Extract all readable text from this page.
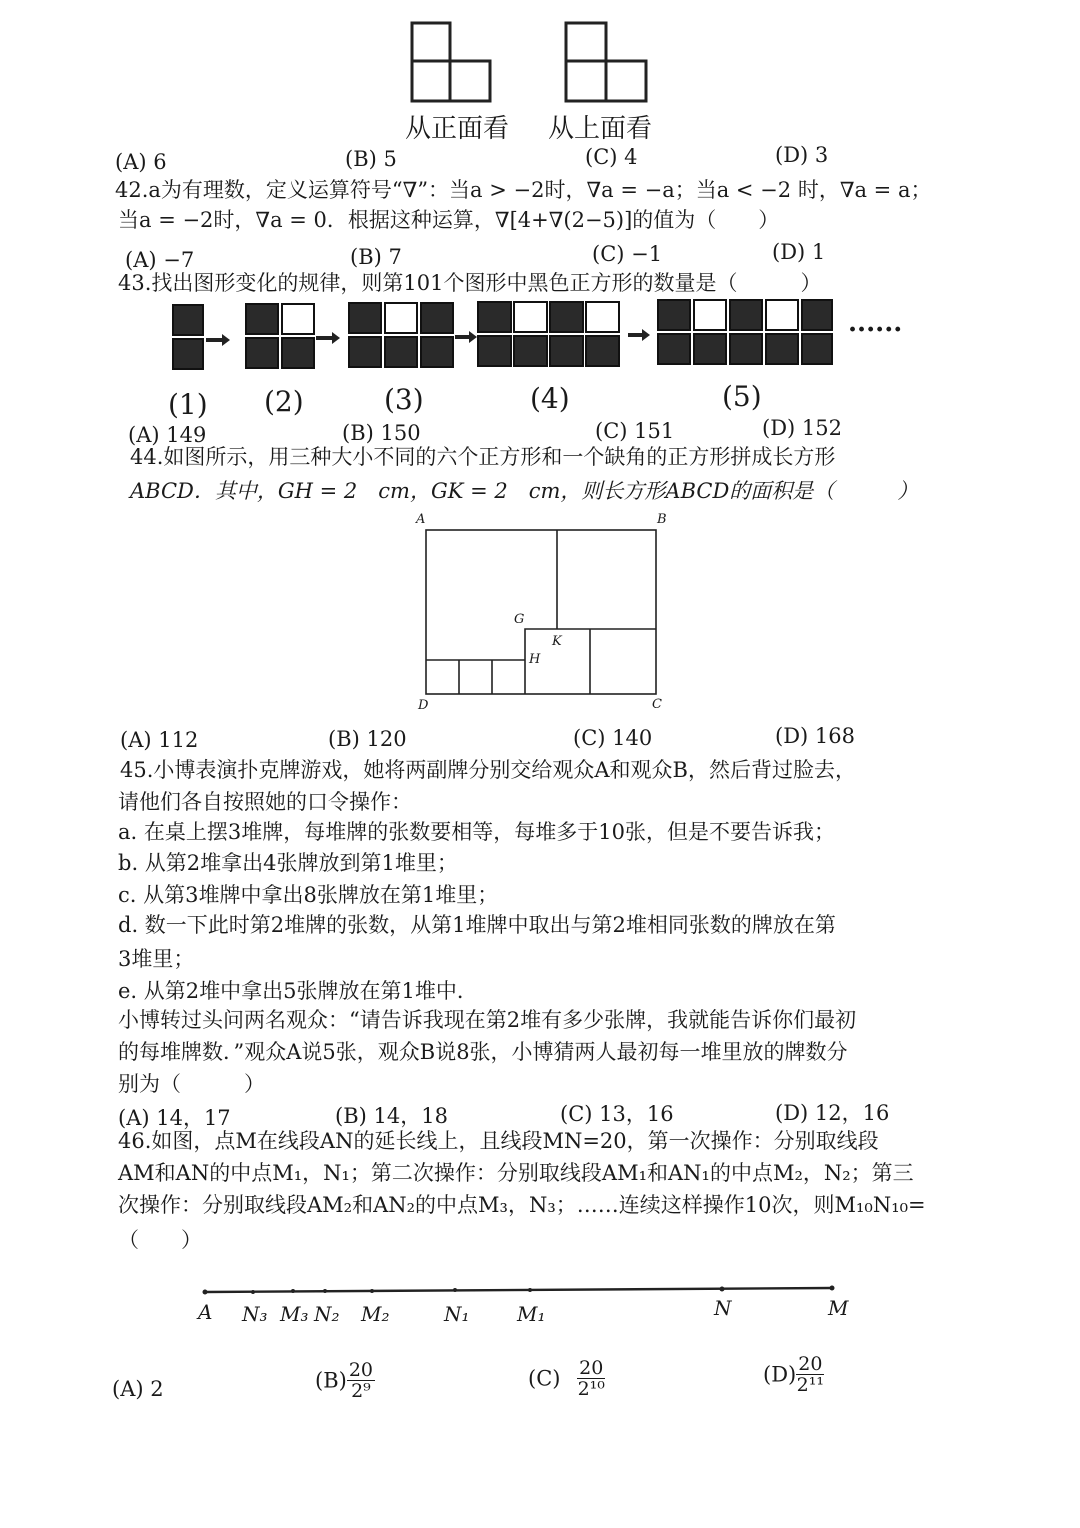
从正面看 从上面看
(A) 6	(B) 5	(C) 4	(D) 3
42.a为有理数，定义运算符号“∇”：当a > −2时，∇a = −a；当a < −2 时，∇a = a；
当a = −2时，∇a = 0．根据这种运算，∇[4+∇(2−5)]的值为（　　）
(A) −7	(B) 7	(C) −1	(D) 1
43.找出图形变化的规律，则第101个图形中黑色正方形的数量是（　　　）
······
(1) (2)	(3)	(4)	(5)
(A) 149	(B) 150	(C) 151	(D) 152
44.如图所示，用三种大小不同的六个正方形和一个缺角的正方形拼成长方形
ABCD．其中，GH = 2　cm，GK = 2　cm，则长方形ABCD的面积是（　　　）
A	B
C
D
G
H
K
(A) 112	(B) 120	(C) 140	(D) 168
45.小博表演扑克牌游戏，她将两副牌分别交给观众A和观众B，然后背过脸去，
请他们各自按照她的口令操作：
a. 在桌上摆3堆牌，每堆牌的张数要相等，每堆多于10张，但是不要告诉我；
b. 从第2堆拿出4张牌放到第1堆里；
c. 从第3堆牌中拿出8张牌放在第1堆里；
d. 数一下此时第2堆牌的张数，从第1堆牌中取出与第2堆相同张数的牌放在第
3堆里；
e. 从第2堆中拿出5张牌放在第1堆中．
小博转过头问两名观众：“请告诉我现在第2堆有多少张牌，我就能告诉你们最初
的每堆牌数．”观众A说5张，观众B说8张，小博猜两人最初每一堆里放的牌数分
别为（　　　）
(A) 14，17	(B) 14，18	(C) 13，16	(D) 12，16
46.如图，点M在线段AN的延长线上，且线段MN=20，第一次操作：分别取线段
AM和AN的中点M₁，N₁；第二次操作：分别取线段AM₁和AN₁的中点M₂，N₂；第三
次操作：分别取线段AM₂和AN₂的中点M₃，N₃；……连续这样操作10次，则M₁₀N₁₀=
（　　）
A N₃ M₃ N₂ M₂	N₁ M₁	N	M
(A) 2	$(B) \frac{20}{\text{2⁹}}$	$(C) \frac{20}{\text{2¹⁰}}$	$(D) \frac{20}{\text{2¹¹}}$
